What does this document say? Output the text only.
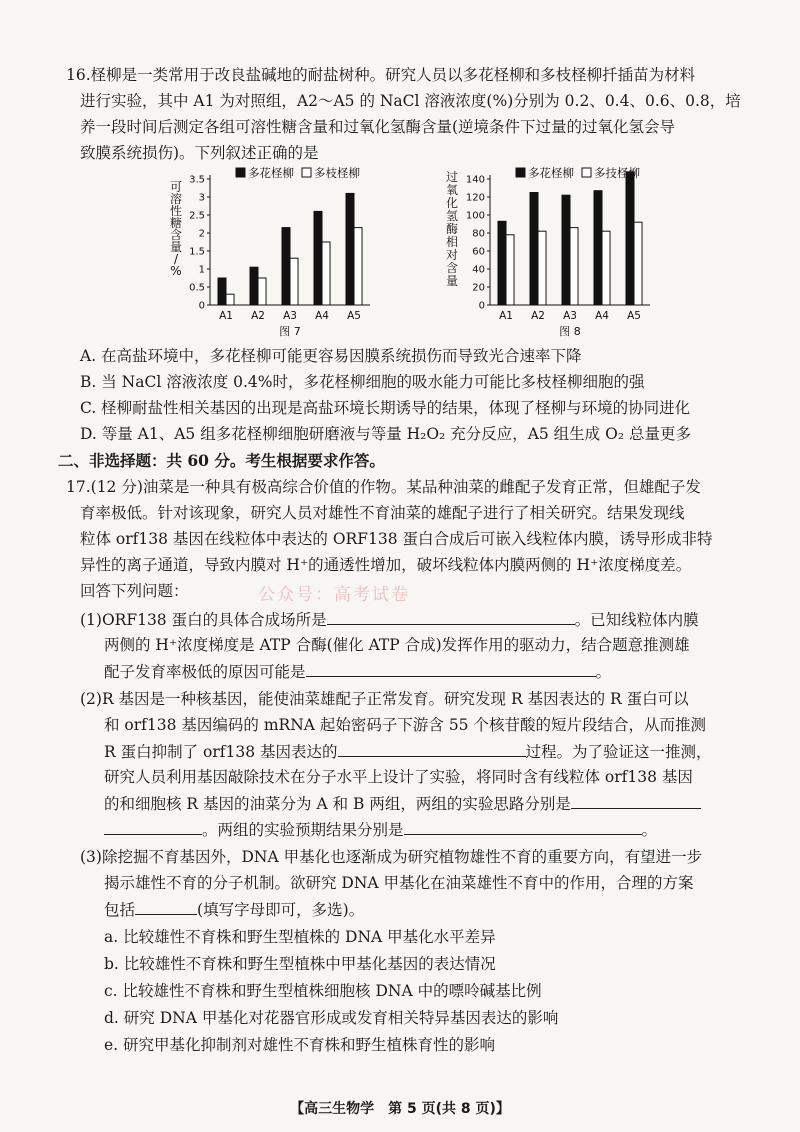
16.柽柳是一类常用于改良盐碱地的耐盐树种。研究人员以多花柽柳和多枝柽柳扦插苗为材料
进行实验，其中 A1 为对照组，A2～A5 的 NaCl 溶液浓度(%)分别为 0.2、0.4、0.6、0.8，培
养一段时间后测定各组可溶性糖含量和过氧化氢酶含量(逆境条件下过量的过氧化氢会导
致膜系统损伤)。下列叙述正确的是
0
0.5
1
1.5
2
2.5
3
3.5
可溶性糖含量/ %
A1 A2 A3 A4 A5
多花柽柳 多枝柽柳
图 7
0
20
40
60
80
100
120
140
过氧化氢酶相对含量
A1 A2 A3 A4 A5
多花柽柳 多技柽柳
图 8
A. 在高盐环境中，多花柽柳可能更容易因膜系统损伤而导致光合速率下降
B. 当 NaCl 溶液浓度 0.4%时，多花柽柳细胞的吸水能力可能比多枝柽柳细胞的强
C. 柽柳耐盐性相关基因的出现是高盐环境长期诱导的结果，体现了柽柳与环境的协同进化
D. 等量 A1、A5 组多花柽柳细胞研磨液与等量 H₂O₂ 充分反应，A5 组生成 O₂ 总量更多
二、非选择题：共 60 分。考生根据要求作答。
17.(12 分)油菜是一种具有极高综合价值的作物。某品种油菜的雌配子发育正常，但雄配子发
育率极低。针对该现象，研究人员对雄性不育油菜的雄配子进行了相关研究。结果发现线
粒体 orf138 基因在线粒体中表达的 ORF138 蛋白合成后可嵌入线粒体内膜，诱导形成非特
异性的离子通道，导致内膜对 H⁺的通透性增加，破坏线粒体内膜两侧的 H⁺浓度梯度差。
回答下列问题：	公众号：高考试卷
(1)ORF138 蛋白的具体合成场所是	。已知线粒体内膜
两侧的 H⁺浓度梯度是 ATP 合酶(催化 ATP 合成)发挥作用的驱动力，结合题意推测雄
配子发育率极低的原因可能是	。
(2)R 基因是一种核基因，能使油菜雄配子正常发育。研究发现 R 基因表达的 R 蛋白可以
和 orf138 基因编码的 mRNA 起始密码子下游含 55 个核苷酸的短片段结合，从而推测
R 蛋白抑制了 orf138 基因表达的	过程。为了验证这一推测，
研究人员利用基因敲除技术在分子水平上设计了实验，将同时含有线粒体 orf138 基因
的和细胞核 R 基因的油菜分为 A 和 B 两组，两组的实验思路分别是
。两组的实验预期结果分别是	。
(3)除挖掘不育基因外，DNA 甲基化也逐渐成为研究植物雄性不育的重要方向，有望进一步
揭示雄性不育的分子机制。欲研究 DNA 甲基化在油菜雄性不育中的作用，合理的方案
包括	(填写字母即可，多选)。
a. 比较雄性不育株和野生型植株的 DNA 甲基化水平差异
b. 比较雄性不育株和野生型植株中甲基化基因的表达情况
c. 比较雄性不育株和野生型植株细胞核 DNA 中的嘌呤碱基比例
d. 研究 DNA 甲基化对花器官形成或发育相关特异基因表达的影响
e. 研究甲基化抑制剂对雄性不育株和野生植株育性的影响
【高三生物学　第 5 页(共 8 页)】
